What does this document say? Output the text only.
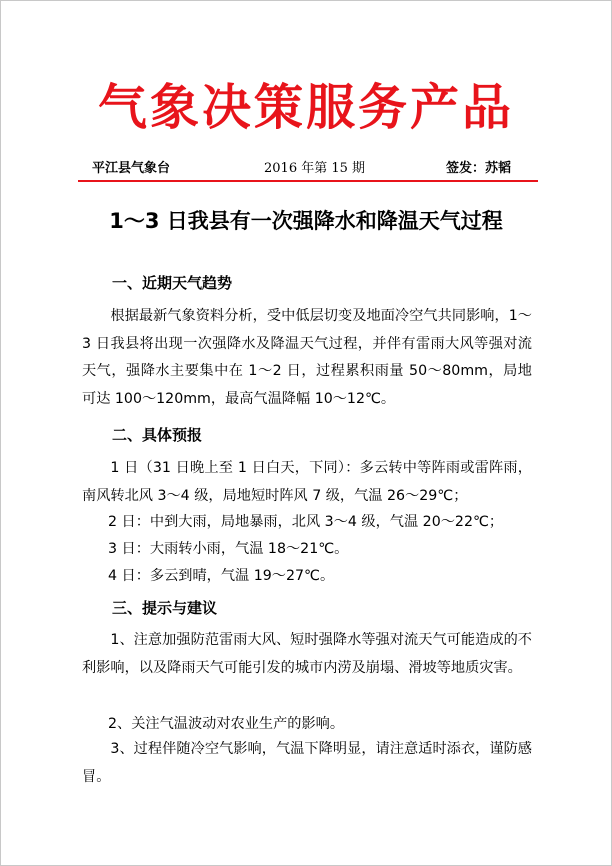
气象决策服务产品
平江县气象台	2016 年第 15 期	签发：苏韬
1～3 日我县有一次强降水和降温天气过程
一、近期天气趋势
根据最新气象资料分析，受中低层切变及地面冷空气共同影响，1～3 日我县将出现一次强降水及降温天气过程，并伴有雷雨大风等强对流天气，强降水主要集中在 1～2 日，过程累积雨量 50～80mm，局地可达 100～120mm，最高气温降幅 10～12℃。
二、具体预报
1 日（31 日晚上至 1 日白天，下同）：多云转中等阵雨或雷阵雨，南风转北风 3～4 级，局地短时阵风 7 级，气温 26～29℃；
2 日：中到大雨，局地暴雨，北风 3～4 级，气温 20～22℃；
3 日：大雨转小雨，气温 18～21℃。
4 日：多云到晴，气温 19～27℃。
三、提示与建议
1、注意加强防范雷雨大风、短时强降水等强对流天气可能造成的不利影响，以及降雨天气可能引发的城市内涝及崩塌、滑坡等地质灾害。
2、关注气温波动对农业生产的影响。
3、过程伴随冷空气影响，气温下降明显，请注意适时添衣，谨防感冒。
